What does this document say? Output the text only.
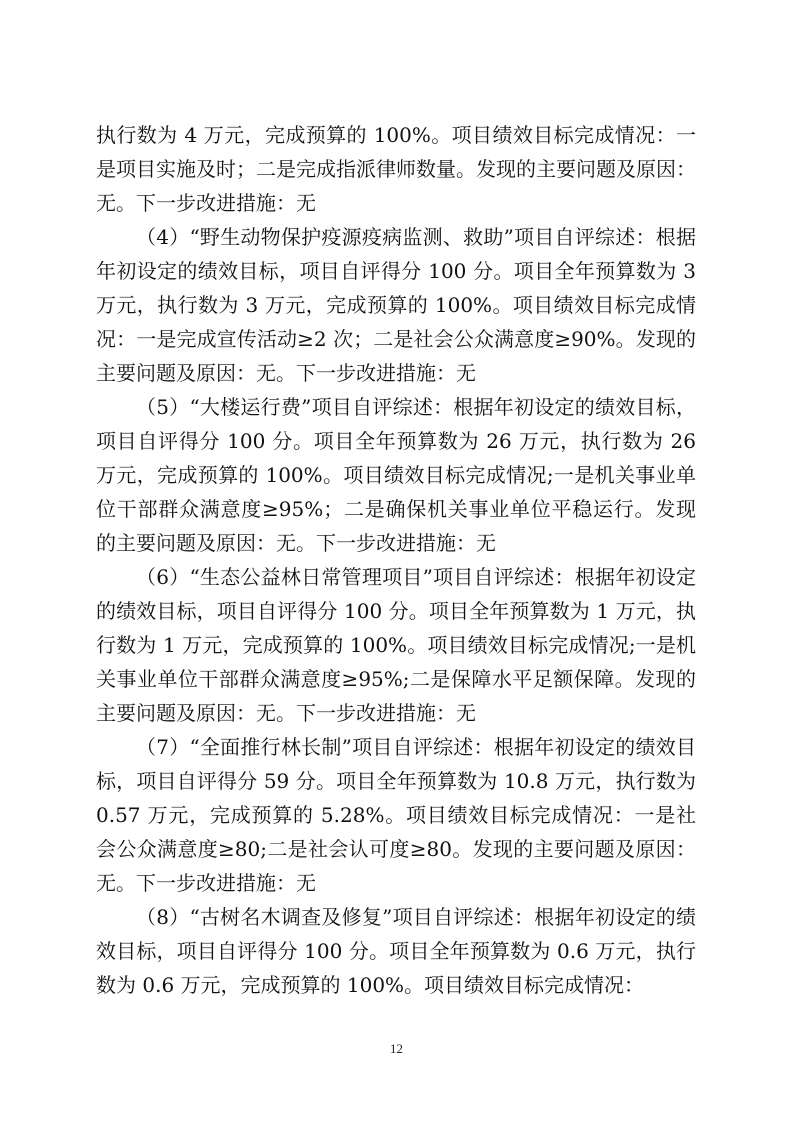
执行数为 4 万元，完成预算的 100%。项目绩效目标完成情况：一是项目实施及时；二是完成指派律师数量。发现的主要问题及原因：无。下一步改进措施：无

（4）“野生动物保护疫源疫病监测、救助”项目自评综述：根据年初设定的绩效目标，项目自评得分 100 分。项目全年预算数为 3 万元，执行数为 3 万元，完成预算的 100%。项目绩效目标完成情况：一是完成宣传活动≥2 次；二是社会公众满意度≥90%。发现的主要问题及原因：无。下一步改进措施：无

（5）“大楼运行费”项目自评综述：根据年初设定的绩效目标，项目自评得分 100 分。项目全年预算数为 26 万元，执行数为 26 万元，完成预算的 100%。项目绩效目标完成情况;一是机关事业单位干部群众满意度≥95%；二是确保机关事业单位平稳运行。发现的主要问题及原因：无。下一步改进措施：无

（6）“生态公益林日常管理项目”项目自评综述：根据年初设定的绩效目标，项目自评得分 100 分。项目全年预算数为 1 万元，执行数为 1 万元，完成预算的 100%。项目绩效目标完成情况;一是机关事业单位干部群众满意度≥95%;二是保障水平足额保障。发现的主要问题及原因：无。下一步改进措施：无

（7）“全面推行林长制”项目自评综述：根据年初设定的绩效目标，项目自评得分 59 分。项目全年预算数为 10.8 万元，执行数为 0.57 万元，完成预算的 5.28%。项目绩效目标完成情况：一是社会公众满意度≥80;二是社会认可度≥80。发现的主要问题及原因：无。下一步改进措施：无

（8）“古树名木调查及修复”项目自评综述：根据年初设定的绩效目标，项目自评得分 100 分。项目全年预算数为 0.6 万元，执行数为 0.6 万元，完成预算的 100%。项目绩效目标完成情况：

12
